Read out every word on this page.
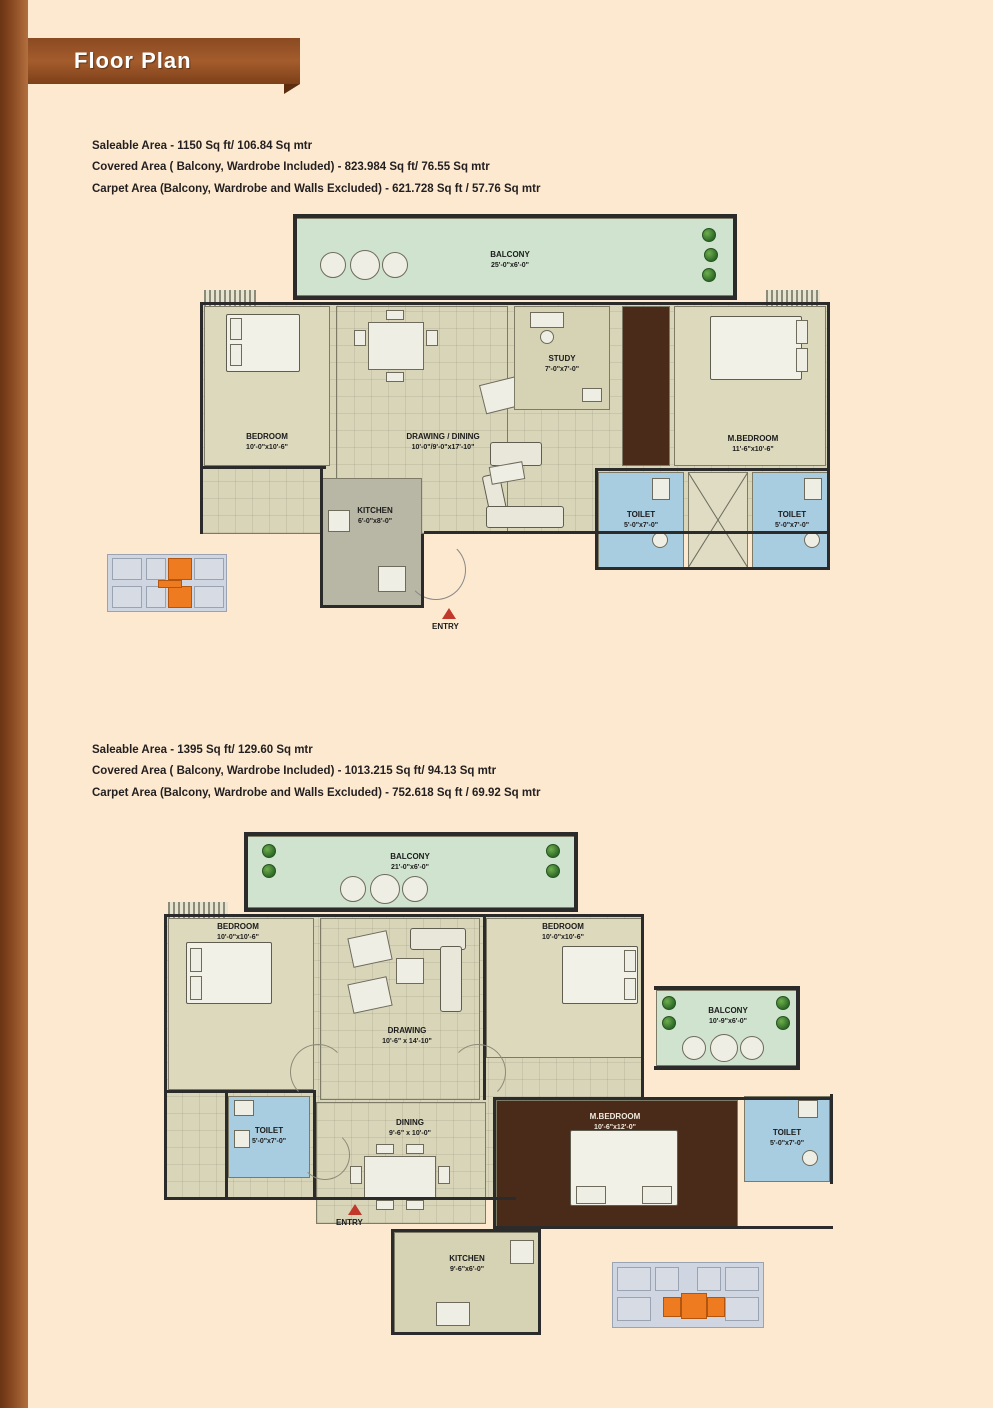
Floor Plan
Saleable Area - 1150 Sq ft/ 106.84 Sq mtr
Covered Area ( Balcony, Wardrobe Included) - 823.984 Sq ft/ 76.55 Sq mtr
Carpet Area (Balcony, Wardrobe and Walls Excluded) - 621.728 Sq ft / 57.76 Sq mtr
BALCONY
25'-0"x6'-0"
BEDROOM
10'-0"x10'-6"
DRAWING / DINING
10'-0"/9'-0"x17'-10"
STUDY
7'-0"x7'-0"
M.BEDROOM
11'-6"x10'-6"
KITCHEN
6'-0"x8'-0"
TOILET
5'-0"x7'-0"
TOILET
5'-0"x7'-0"
ENTRY
Saleable Area - 1395 Sq ft/ 129.60 Sq mtr
Covered Area ( Balcony, Wardrobe Included) - 1013.215 Sq ft/ 94.13 Sq mtr
Carpet Area (Balcony, Wardrobe and Walls Excluded) - 752.618 Sq ft / 69.92 Sq mtr
BALCONY
21'-0"x6'-0"
BEDROOM
10'-0"x10'-6"
DRAWING
10'-6" x 14'-10"
BEDROOM
10'-0"x10'-6"
BALCONY
10'-9"x6'-0"
TOILET
5'-0"x7'-0"
DINING
9'-6" x 10'-0"
M.BEDROOM
10'-6"x12'-0"
TOILET
5'-0"x7'-0"
KITCHEN
9'-6"x6'-0"
ENTRY
